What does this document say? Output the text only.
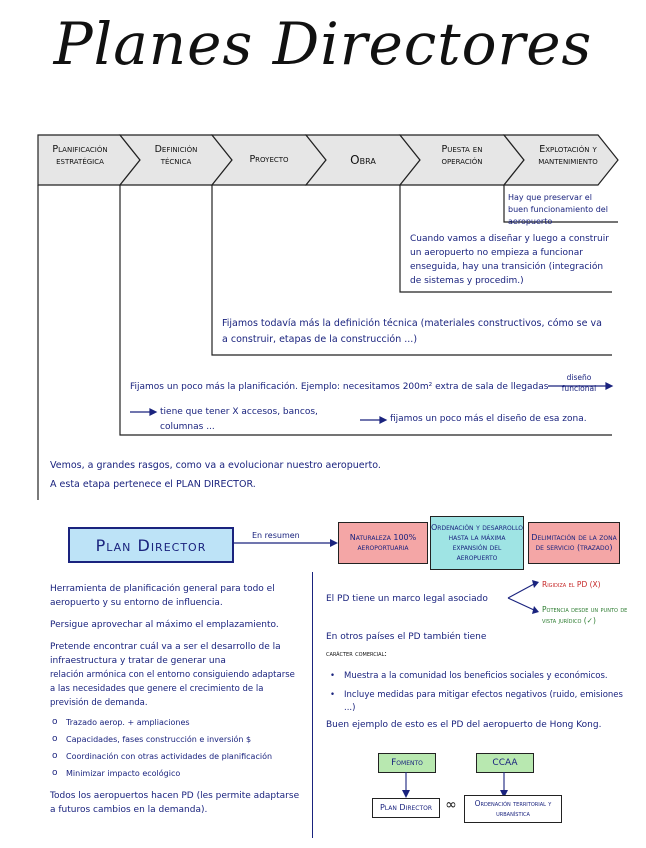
Planes Directores
Planificación estratégica
Definición técnica	Proyecto	Obra
Puesta en operación
Explotación y mantenimiento
Hay que preservar el buen funcionamiento del aeropuerto
Cuando vamos a diseñar y luego a construir un aeropuerto no empieza a funcionar enseguida, hay una transición (integración de sistemas y procedim.)
Fijamos todavía más la definición técnica (materiales constructivos, cómo se va a construir, etapas de la construcción ...)
Fijamos un poco más la planificación. Ejemplo: necesitamos 200m² extra de sala de llegadas
diseño funcional
tiene que tener X accesos, bancos, columnas ...
fijamos un poco más el diseño de esa zona.
Vemos, a grandes rasgos, como va a evolucionar nuestro aeropuerto.
A esta etapa pertenece el PLAN DIRECTOR.
Plan Director	En resumen	Naturaleza 100% aeroportuaria
Ordenación y desarrollo hasta la máxima expansión del aeropuerto
Delimitación de la zona de servicio (trazado)
Herramienta de planificación general para todo el aeropuerto y su entorno de influencia.
Persigue aprovechar al máximo el emplazamiento.
Pretende encontrar cuál va a ser el desarrollo de la infraestructura y tratar de generar una
relación armónica con el entorno consiguiendo adaptarse a las necesidades que genere el crecimiento de la previsión de demanda.
o Trazado aerop. + ampliaciones
o Capacidades, fases construcción e inversión $
o Coordinación con otras actividades de planificación
o Minimizar impacto ecológico
Todos los aeropuertos hacen PD (les permite adaptarse a futuros cambios en la demanda).
El PD tiene un marco legal asociado
Rigidiza el PD (X)
Potencia desde un punto de vista jurídico (✓)
En otros países el PD también tiene
carácter comercial:
• Muestra a la comunidad los beneficios sociales y económicos.
• Incluye medidas para mitigar efectos negativos (ruido, emisiones ...)
Buen ejemplo de esto es el PD del aeropuerto de Hong Kong.
Fomento	CCAA
Plan Director ∞	Ordenación territorial y urbanística
